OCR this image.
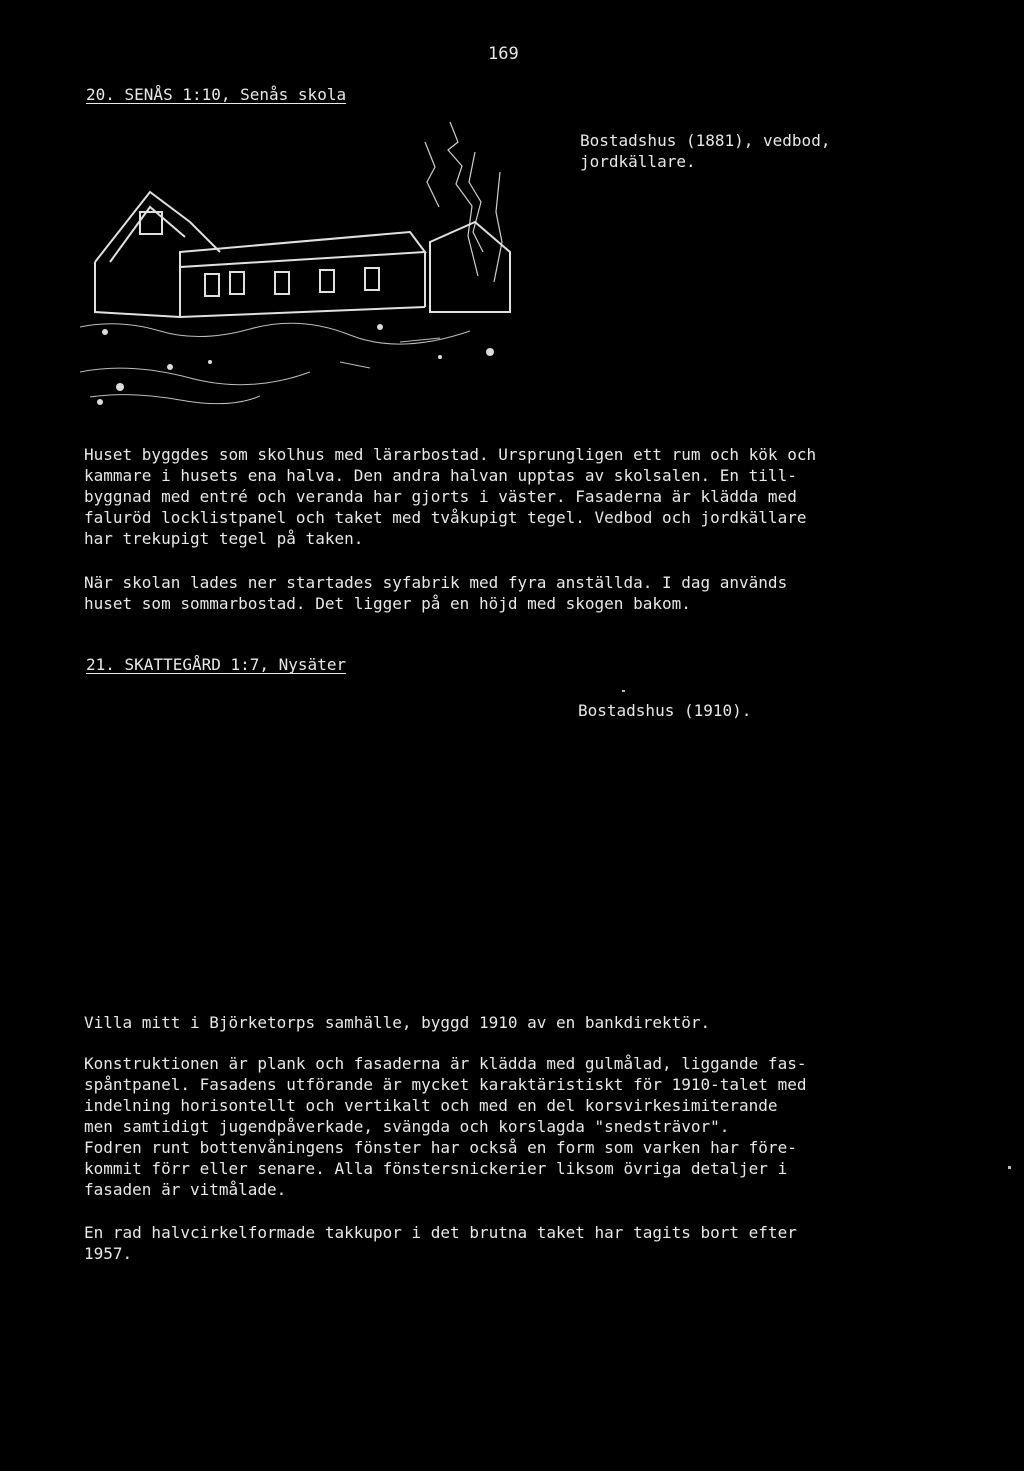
169
20. SENÅS 1:10, Senås skola
Bostadshus (1881), vedbod, jordkällare.
Huset byggdes som skolhus med lärarbostad. Ursprungligen ett rum och kök och
kammare i husets ena halva. Den andra halvan upptas av skolsalen. En till-
byggnad med entré och veranda har gjorts i väster. Fasaderna är klädda med
faluröd locklistpanel och taket med tvåkupigt tegel. Vedbod och jordkällare
har trekupigt tegel på taken.
När skolan lades ner startades syfabrik med fyra anställda. I dag används
huset som sommarbostad. Det ligger på en höjd med skogen bakom.
21. SKATTEGÅRD 1:7, Nysäter
Bostadshus (1910).
Villa mitt i Björketorps samhälle, byggd 1910 av en bankdirektör.
Konstruktionen är plank och fasaderna är klädda med gulmålad, liggande fas-
spåntpanel. Fasadens utförande är mycket karaktäristiskt för 1910-talet med
indelning horisontellt och vertikalt och med en del korsvirkesimiterande
men samtidigt jugendpåverkade, svängda och korslagda "snedsträvor".
Fodren runt bottenvåningens fönster har också en form som varken har före-
kommit förr eller senare. Alla fönstersnickerier liksom övriga detaljer i
fasaden är vitmålade.
En rad halvcirkelformade takkupor i det brutna taket har tagits bort efter
1957.
